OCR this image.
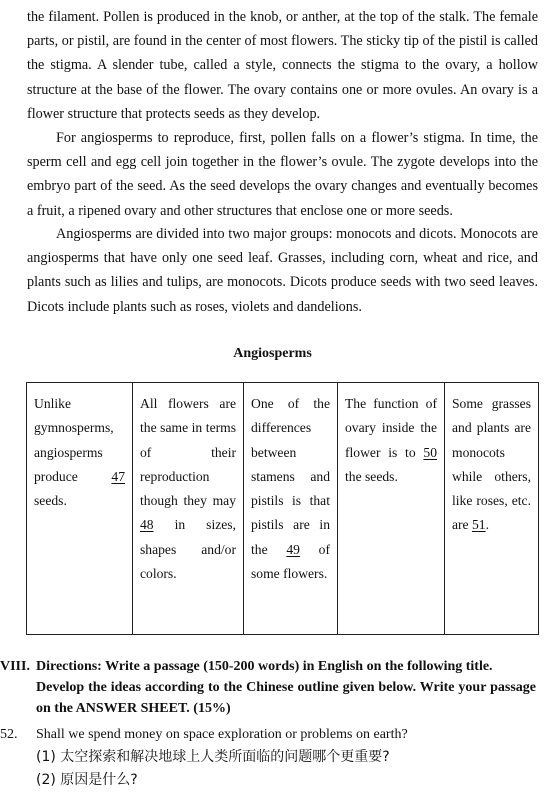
the filament. Pollen is produced in the knob, or anther, at the top of the stalk. The female parts, or pistil, are found in the center of most flowers. The sticky tip of the pistil is called the stigma. A slender tube, called a style, connects the stigma to the ovary, a hollow structure at the base of the flower. The ovary contains one or more ovules. An ovary is a flower structure that protects seeds as they develop.

For angiosperms to reproduce, first, pollen falls on a flower’s stigma. In time, the sperm cell and egg cell join together in the flower’s ovule. The zygote develops into the embryo part of the seed. As the seed develops the ovary changes and eventually becomes a fruit, a ripened ovary and other structures that enclose one or more seeds.

Angiosperms are divided into two major groups: monocots and dicots. Monocots are angiosperms that have only one seed leaf. Grasses, including corn, wheat and rice, and plants such as lilies and tulips, are monocots. Dicots produce seeds with two seed leaves. Dicots include plants such as roses, violets and dandelions.

Angiosperms

Unlike gymnosperms, angiosperms produce 47 seeds.	All flowers are the same in terms of their reproduction though they may 48 in sizes, shapes and/or colors.	One of the differences between stamens and pistils is that pistils are in the 49 of some flowers.	The function of ovary inside the flower is to 50 the seeds.	Some grasses and plants are monocots while others, like roses, etc. are 51.
VIII. Directions: Write a passage (150-200 words) in English on the following title.
Develop the ideas according to the Chinese outline given below. Write your passage on the ANSWER SHEET. (15%)

52. Shall we spend money on space exploration or problems on earth?

(1) 太空探索和解决地球上人类所面临的问题哪个更重要?

(2) 原因是什么?
